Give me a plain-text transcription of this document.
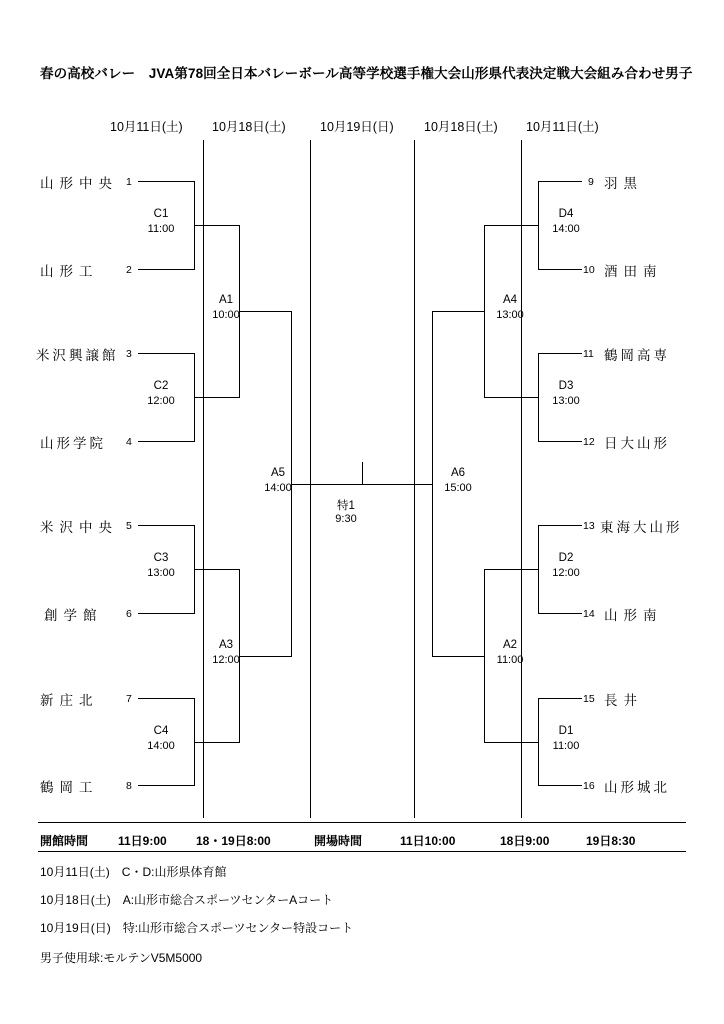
春の高校バレー　JVA第78回全日本バレーボール高等学校選手権大会山形県代表決定戦大会組み合わせ男子
10月11日(土) 10月18日(土)	10月19日(日) 10月18日(土) 10月11日(土)
山形中央 1
山形工	2
米沢興譲館 3
山形学院 4
米沢中央 5
創学館 6
新庄北	7
鶴岡工	8
9 羽黒
10 酒田南
11 鶴岡高専
12 日大山形
13 東海大山形
14 山形南
15 長井
16 山形城北
C1
11:00
C2
12:00
C3
13:00
C4
14:00
A1
10:00
A3
12:00
A5
14:00
特1
9:30
A6
15:00
A4
13:00
A2
11:00
D4
14:00
D3
13:00
D2
12:00
D1
11:00
開館時間 11日9:00 18・19日8:00	開場時間	11日10:00	18日9:00	19日8:30
10月11日(土)　C・D:山形県体育館
10月18日(土)　A:山形市総合スポーツセンターAコート
10月19日(日)　特:山形市総合スポーツセンター特設コート
男子使用球:モルテンV5M5000
